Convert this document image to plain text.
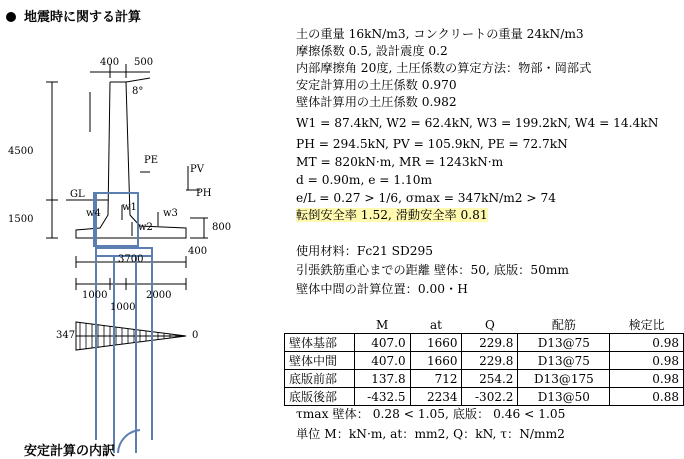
地震時に関する計算
土の重量 16kN/m3, コンクリートの重量 24kN/m3
摩擦係数 0.5, 設計震度 0.2
内部摩擦角 20度, 土圧係数の算定方法：物部・岡部式
安定計算用の土圧係数 0.970
壁体計算用の土圧係数 0.982
W1 = 87.4kN, W2 = 62.4kN, W3 = 199.2kN, W4 = 14.4kN
PH = 294.5kN, PV = 105.9kN, PE = 72.7kN
MT = 820kN·m, MR = 1243kN·m
d = 0.90m, e = 1.10m
e/L = 0.27 > 1/6, σmax = 347kN/m2 > 74
転倒安全率 1.52, 滑動安全率 0.81
使用材料：Fc21 SD295
引張鉄筋重心までの距離 壁体：50, 底版：50mm
壁体中間の計算位置：0.00・H
	M	at	Q	配筋	検定比
壁体基部	407.0	1660	229.8	D13@75	0.98
壁体中間	407.0	1660	229.8	D13@75	0.98
底版前部	137.8	712	254.2	D13@175	0.98
底版後部	-432.5	2234	-302.2	D13@50	0.88
τmax 壁体： 0.28 < 1.05, 底版： 0.46 < 1.05
単位 M：kN·m, at：mm2, Q：kN, τ：N/mm2
400 500
8°
4500
1500
GL
PE
PV
PH
w1
w2
w3
w4
800
400
3700
1000
1000
2000
347	0
安定計算の内訳
